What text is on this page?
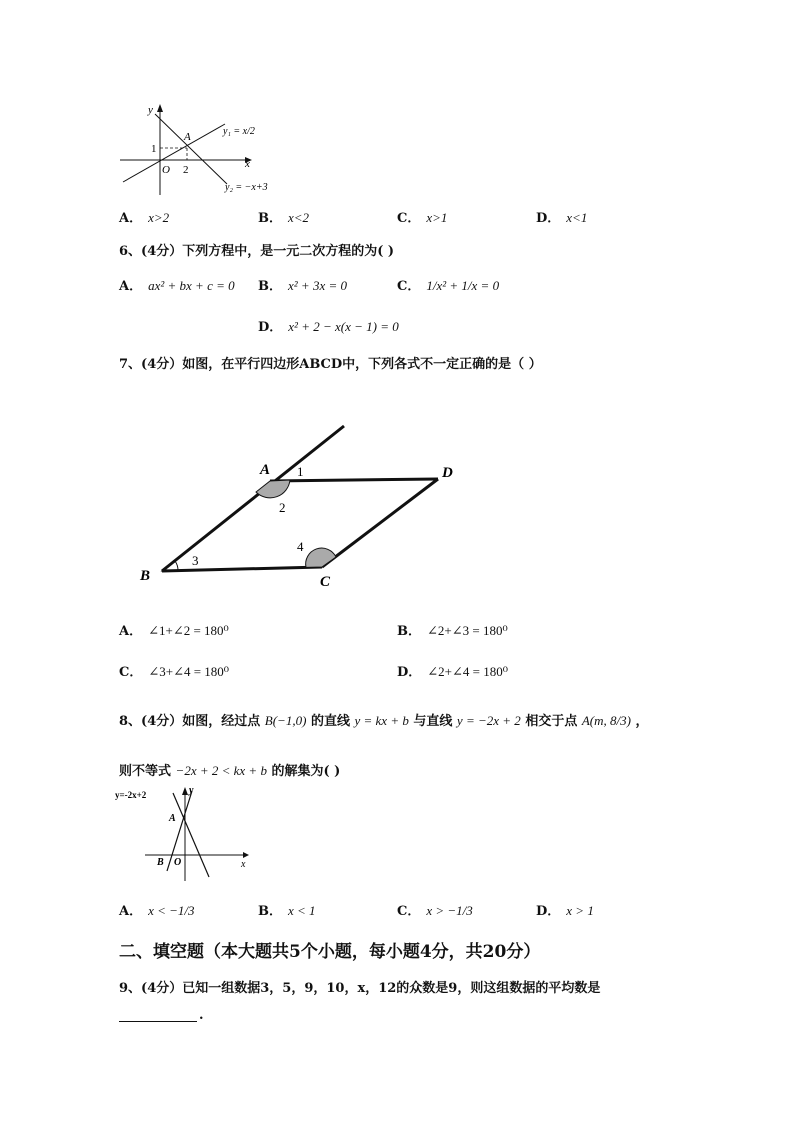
y
x
O
A
2
1
y₁ = x/2
y₂ = −x+3
A． x>2	B． x<2	C． x>1	D． x<1
6、(4分）下列方程中，是一元二次方程的为( )
A． ax² + bx + c = 0 B． x² + 3x = 0	C． 1/x² + 1/x = 0
D． x² + 2 − x(x − 1) = 0
7、(4分）如图，在平行四边形ABCD中，下列各式不一定正确的是（ ）
A
B	C
D
1
2
3
4
A． ∠1+∠2 = 180⁰	B． ∠2+∠3 = 180⁰
C． ∠3+∠4 = 180⁰	D． ∠2+∠4 = 180⁰
8、(4分）如图，经过点 B(−1,0) 的直线 y = kx + b 与直线 y = −2x + 2 相交于点 A(m, 8/3) ，
则不等式 −2x + 2 < kx + b 的解集为( )
y=-2x+2	y
x
A
B O
A． x < −1/3	B． x < 1	C． x > −1/3	D． x > 1
二、填空题（本大题共5个小题，每小题4分，共20分）
9、(4分）已知一组数据3，5，9，10，x，12的众数是9，则这组数据的平均数是
.
